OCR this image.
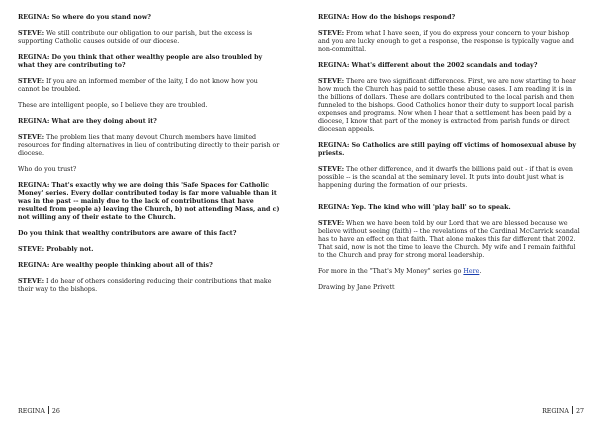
REGINA: So where do you stand now?

STEVE: We still contribute our obligation to our parish, but the excess is supporting Catholic causes outside of our diocese.

REGINA: Do you think that other wealthy people are also troubled by what they are contributing to?

STEVE: If you are an informed member of the laity, I do not know how you cannot be troubled.

These are intelligent people, so I believe they are troubled.

REGINA: What are they doing about it?

STEVE: The problem lies that many devout Church members have limited resources for finding alternatives in lieu of contributing directly to their parish or diocese.

Who do you trust?

REGINA: That's exactly why we are doing this 'Safe Spaces for Catholic Money' series. Every dollar contributed today is far more valuable than it was in the past -- mainly due to the lack of contributions that have resulted from people a) leaving the Church, b) not attending Mass, and c) not willing any of their estate to the Church.

Do you think that wealthy contributors are aware of this fact?

STEVE: Probably not.

REGINA: Are wealthy people thinking about all of this?

STEVE: I do hear of others considering reducing their contributions that make their way to the bishops.

REGINA 26

REGINA: How do the bishops respond?

STEVE: From what I have seen, if you do express your concern to your bishop and you are lucky enough to get a response, the response is typically vague and non-committal.

REGINA: What's different about the 2002 scandals and today?

STEVE: There are two significant differences. First, we are now starting to hear how much the Church has paid to settle these abuse cases. I am reading it is in the billions of dollars. These are dollars contributed to the local parish and then funneled to the bishops. Good Catholics honor their duty to support local parish expenses and programs. Now when I hear that a settlement has been paid by a diocese, I know that part of the money is extracted from parish funds or direct diocesan appeals.

REGINA: So Catholics are still paying off victims of homosexual abuse by priests.

STEVE: The other difference, and it dwarfs the billions paid out - if that is even possible -- is the scandal at the seminary level. It puts into doubt just what is happening during the formation of our priests.

REGINA: Yep. The kind who will 'play ball' so to speak.

STEVE: When we have been told by our Lord that we are blessed because we believe without seeing (faith) -- the revelations of the Cardinal McCarrick scandal has to have an effect on that faith. That alone makes this far different that 2002. That said, now is not the time to leave the Church. My wife and I remain faithful to the Church and pray for strong moral leadership.

For more in the "That's My Money" series go Here.

Drawing by Jane Privett

REGINA 27
